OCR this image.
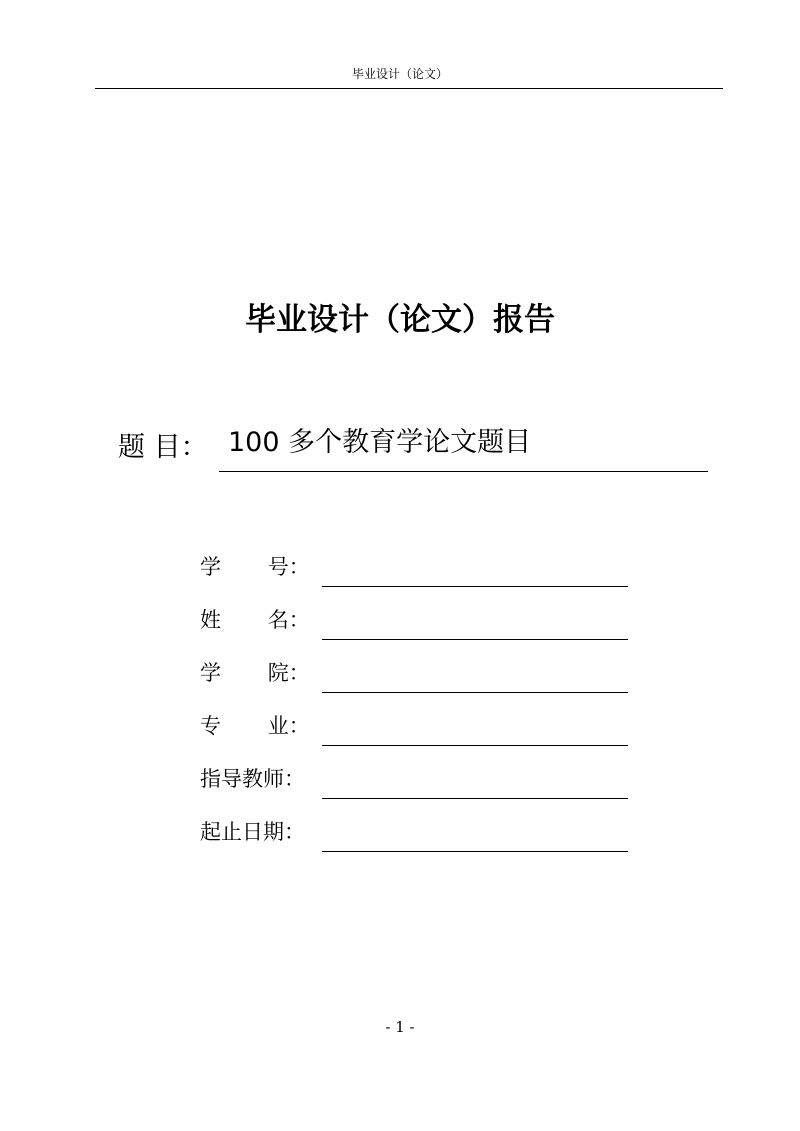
毕业设计（论文）
毕业设计（论文）报告
题 目： 100 多个教育学论文题目
学       号：
姓       名：
学       院：
专       业：
指导教师：
起止日期：
- 1 -
